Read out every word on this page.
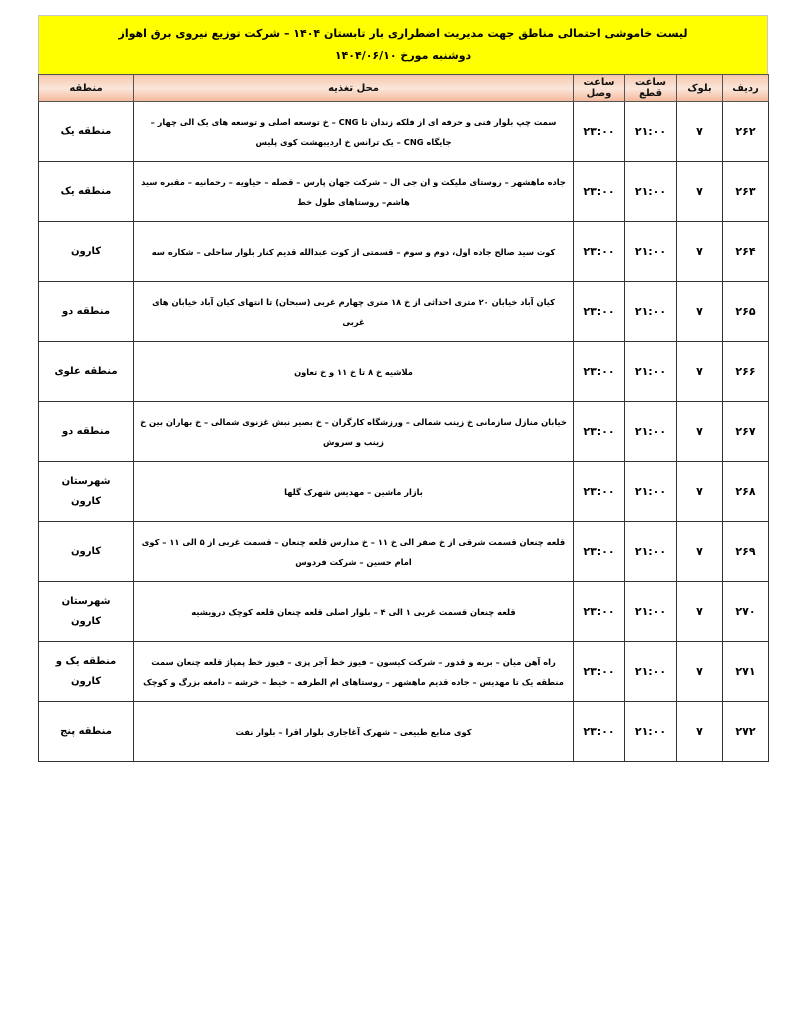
لیست خاموشی احتمالی مناطق جهت مدیریت اضطراری بار تابستان ۱۴۰۴ – شرکت توزیع نیروی برق اهواز
دوشنبه مورخ ۱۴۰۴/۰۶/۱۰
ردیف	بلوک	ساعت قطع	ساعت وصل	محل تغذیه	منطقه
۲۶۲	۷	۲۱:۰۰	۲۳:۰۰	سمت چپ بلوار فنی و حرفه ای از فلکه زندان تا CNG – خ توسعه اصلی و توسعه های یک الی چهار – جایگاه CNG – یک ترانس خ اردیبهشت کوی پلیس	منطقه یک
۲۶۳	۷	۲۱:۰۰	۲۳:۰۰	جاده ماهشهر – روستای ملیکت و ان جی ال – شرکت جهان پارس – قصله – حیاویه – رحمانیه – مقبره سید هاشم– روستاهای طول خط	منطقه یک
۲۶۴	۷	۲۱:۰۰	۲۳:۰۰	کوت سید صالح جاده اول، دوم و سوم – قسمتی از کوت عبدالله قدیم کنار بلوار ساحلی – شکاره سه	کارون
۲۶۵	۷	۲۱:۰۰	۲۳:۰۰	کیان آباد خیابان ۲۰ متری احداثی از خ ۱۸ متری چهارم غربی (سبحان) تا انتهای کیان آباد خیابان های غربی	منطقه دو
۲۶۶	۷	۲۱:۰۰	۲۳:۰۰	ملاشیه خ ۸ تا خ ۱۱ و خ تعاون	منطقه علوی
۲۶۷	۷	۲۱:۰۰	۲۳:۰۰	خیابان منازل سازمانی خ زینب شمالی – ورزشگاه کارگران – خ بصیر نبش غزنوی شمالی – خ بهاران بین خ زینب و سروش	منطقه دو
۲۶۸	۷	۲۱:۰۰	۲۳:۰۰	بازار ماشین – مهدیس شهرک گلها	شهرستان کارون
۲۶۹	۷	۲۱:۰۰	۲۳:۰۰	قلعه چنعان قسمت شرقی از خ صفر الی خ ۱۱ – خ مدارس قلعه چنعان – قسمت غربی از ۵ الی ۱۱ – کوی امام حسین – شرکت فردوس	کارون
۲۷۰	۷	۲۱:۰۰	۲۳:۰۰	قلعه چنعان قسمت غربی ۱ الی ۴ – بلوار اصلی قلعه چنعان قلعه کوچک درویشیه	شهرستان کارون
۲۷۱	۷	۲۱:۰۰	۲۳:۰۰	راه آهن میان – بربه و قدور – شرکت کیسون – فیوز خط آجر پزی – فیوز خط پمپاژ قلعه چنعان سمت منطقه یک تا مهدیس – جاده قدیم ماهشهر – روستاهای ام الطرفه – خیط – خرشه – دامغه بزرگ و کوچک	منطقه یک و کارون
۲۷۲	۷	۲۱:۰۰	۲۳:۰۰	کوی منابع طبیعی – شهرک آغاجاری بلوار اقرا – بلوار نفت	منطقه پنج
